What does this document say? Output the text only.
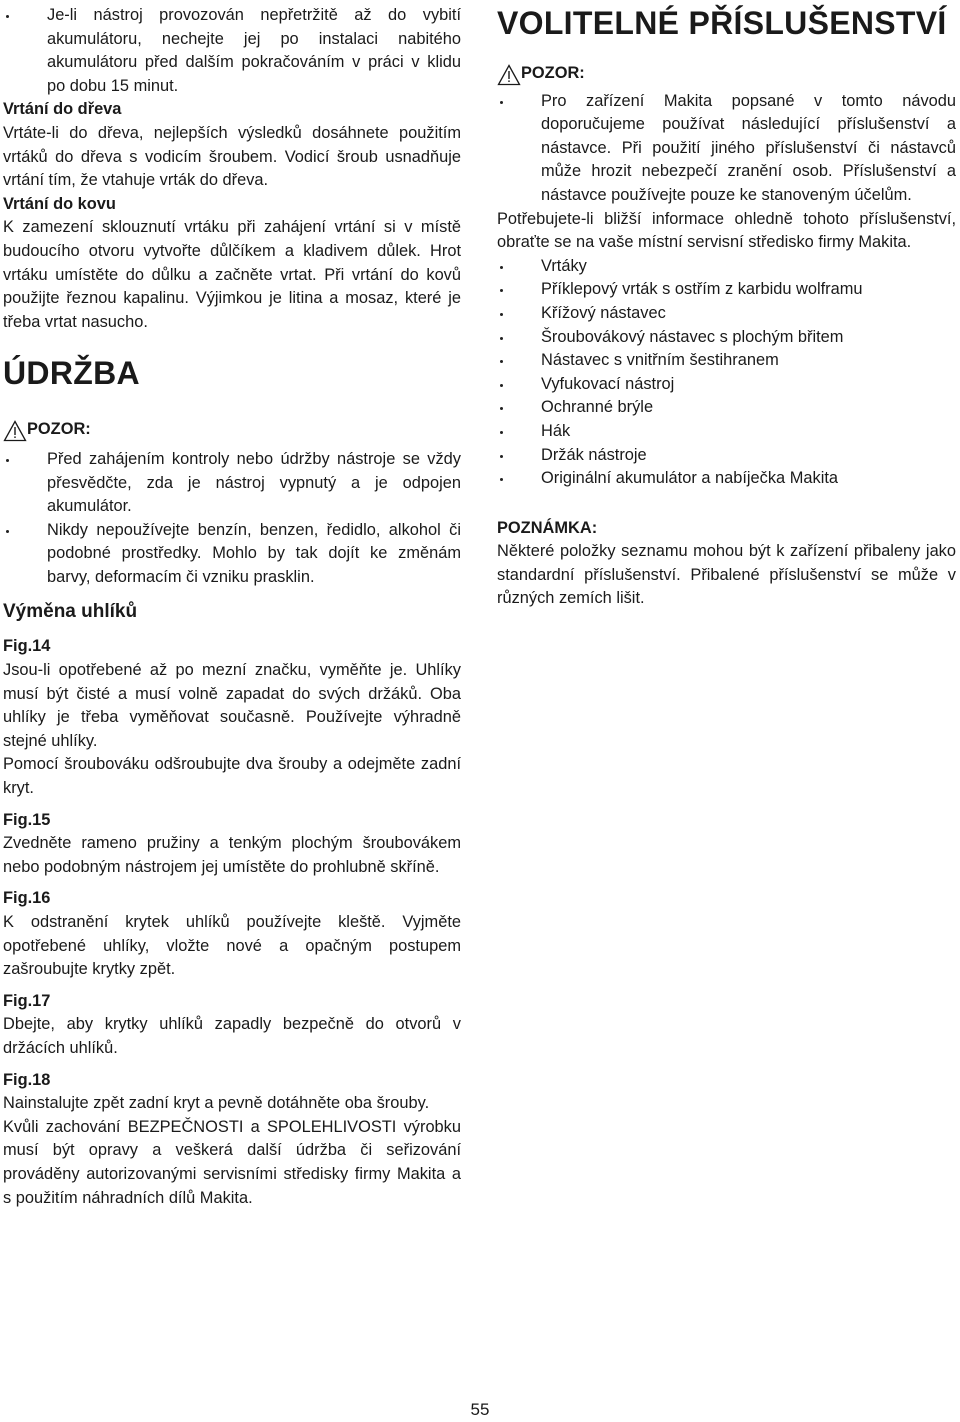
Je-li nástroj provozován nepřetržitě až do vybití akumulátoru, nechejte jej po instalaci nabitého akumulátoru před dalším pokračováním v práci v klidu po dobu 15 minut.

Vrtání do dřeva

Vrtáte-li do dřeva, nejlepších výsledků dosáhnete použitím vrtáků do dřeva s vodicím šroubem. Vodicí šroub usnadňuje vrtání tím, že vtahuje vrták do dřeva.

Vrtání do kovu

K zamezení sklouznutí vrtáku při zahájení vrtání si v místě budoucího otvoru vytvořte důlčíkem a kladivem důlek. Hrot vrtáku umístěte do důlku a začněte vrtat. Při vrtání do kovů použijte řeznou kapalinu. Výjimkou je litina a mosaz, které je třeba vrtat nasucho.

ÚDRŽBA
POZOR:
Před zahájením kontroly nebo údržby nástroje se vždy přesvědčte, zda je nástroj vypnutý a je odpojen akumulátor.
Nikdy nepoužívejte benzín, benzen, ředidlo, alkohol či podobné prostředky. Mohlo by tak dojít ke změnám barvy, deformacím či vzniku prasklin.
Výměna uhlíků

Fig.14

Jsou-li opotřebené až po mezní značku, vyměňte je. Uhlíky musí být čisté a musí volně zapadat do svých držáků. Oba uhlíky je třeba vyměňovat současně. Používejte výhradně stejné uhlíky.

Pomocí šroubováku odšroubujte dva šrouby a odejměte zadní kryt.

Fig.15

Zvedněte rameno pružiny a tenkým plochým šroubovákem nebo podobným nástrojem jej umístěte do prohlubně skříně.

Fig.16

K odstranění krytek uhlíků používejte kleště. Vyjměte opotřebené uhlíky, vložte nové a opačným postupem zašroubujte krytky zpět.

Fig.17

Dbejte, aby krytky uhlíků zapadly bezpečně do otvorů v držácích uhlíků.

Fig.18

Nainstalujte zpět zadní kryt a pevně dotáhněte oba šrouby.

Kvůli zachování BEZPEČNOSTI a SPOLEHLIVOSTI výrobku musí být opravy a veškerá další údržba či seřizování prováděny autorizovanými servisními středisky firmy Makita a s použitím náhradních dílů Makita.

VOLITELNÉ PŘÍSLUŠENSTVÍ
POZOR:
Pro zařízení Makita popsané v tomto návodu doporučujeme používat následující příslušenství a nástavce. Při použití jiného příslušenství či nástavců může hrozit nebezpečí zranění osob. Příslušenství a nástavce používejte pouze ke stanoveným účelům.

Potřebujete-li bližší informace ohledně tohoto příslušenství, obraťte se na vaše místní servisní středisko firmy Makita.

Vrtáky
Příklepový vrták s ostřím z karbidu wolframu
Křížový nástavec
Šroubovákový nástavec s plochým břitem
Nástavec s vnitřním šestihranem
Vyfukovací nástroj
Ochranné brýle
Hák
Držák nástroje
Originální akumulátor a nabíječka Makita

POZNÁMKA:

Některé položky seznamu mohou být k zařízení přibaleny jako standardní příslušenství. Přibalené příslušenství se může v různých zemích lišit.

55
